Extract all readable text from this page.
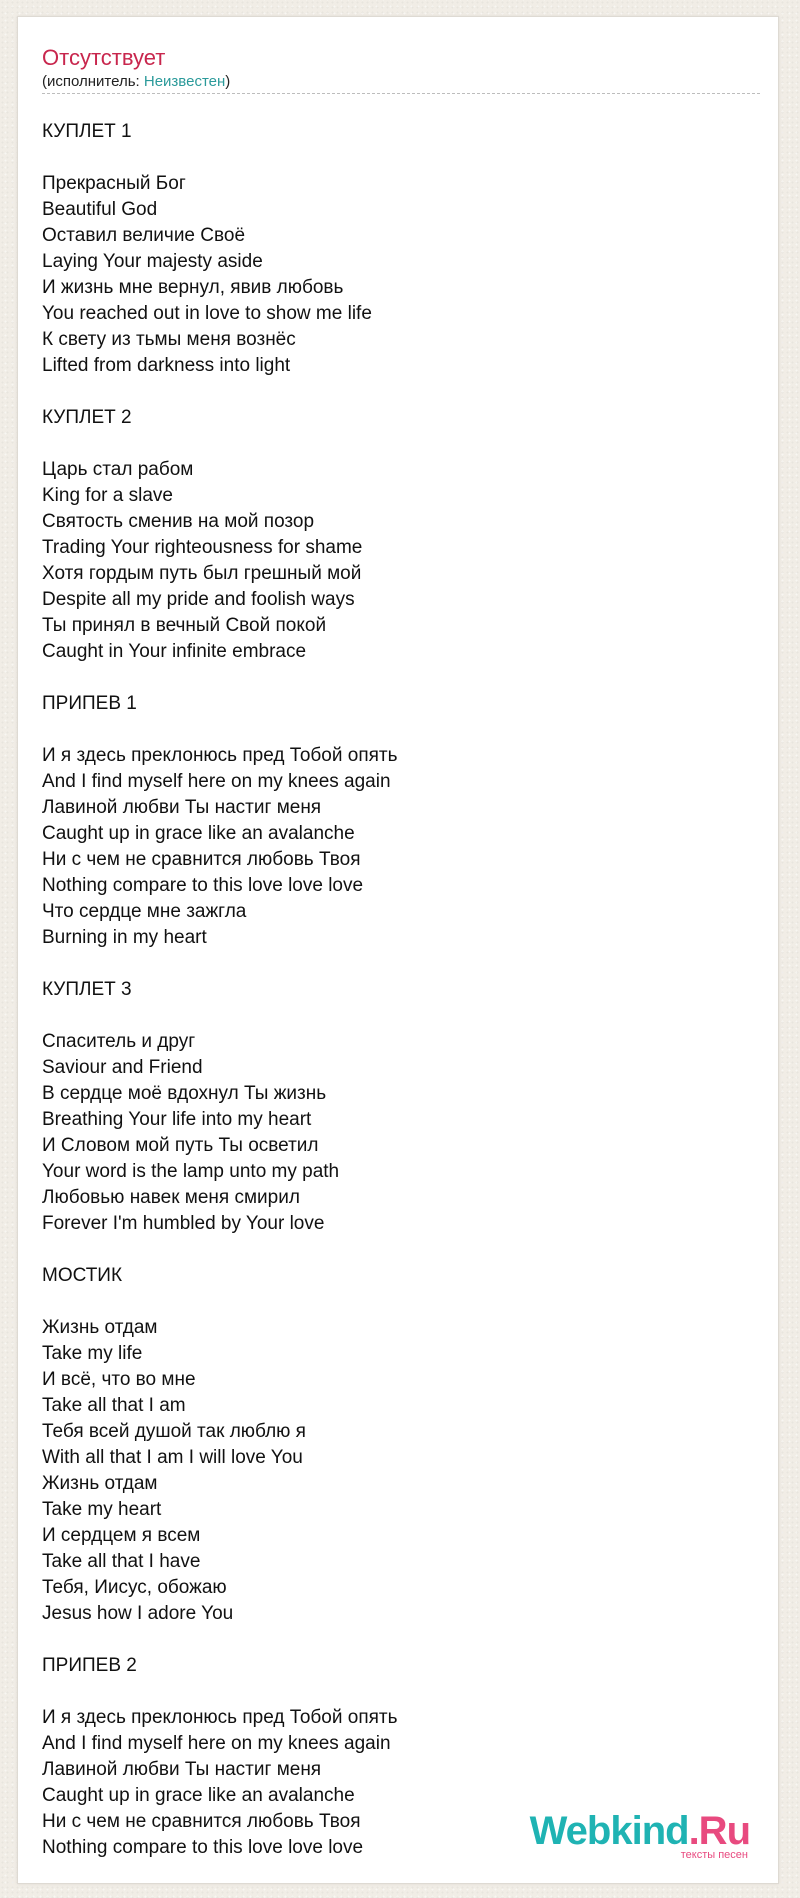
Отсутствует
(исполнитель: Неизвестен)
КУПЛЕТ 1
Прекрасный Бог
Beautiful God
Оставил величие Своё
Laying Your majesty aside
И жизнь мне вернул, явив любовь
You reached out in love to show me life
К свету из тьмы меня вознёс
Lifted from darkness into light
КУПЛЕТ 2
Царь стал рабом
King for a slave
Святость сменив на мой позор
Trading Your righteousness for shame
Хотя гордым путь был грешный мой
Despite all my pride and foolish ways
Ты принял в вечный Свой покой
Caught in Your infinite embrace
ПРИПЕВ 1
И я здесь преклонюсь пред Тобой опять
And I find myself here on my knees again
Лавиной любви Ты настиг меня
Caught up in grace like an avalanche
Ни с чем не сравнится любовь Твоя
Nothing compare to this love love love
Что сердце мне зажгла
Burning in my heart
КУПЛЕТ 3
Спаситель и друг
Saviour and Friend
В сердце моё вдохнул Ты жизнь
Breathing Your life into my heart
И Словом мой путь Ты осветил
Your word is the lamp unto my path
Любовью навек меня смирил
Forever I'm humbled by Your love
МОСТИК
Жизнь отдам
Take my life
И всё, что во мне
Take all that I am
Тебя всей душой так люблю я
With all that I am I will love You
Жизнь отдам
Take my heart
И сердцем я всем
Take all that I have
Тебя, Иисус, обожаю
Jesus how I adore You
ПРИПЕВ 2
И я здесь преклонюсь пред Тобой опять
And I find myself here on my knees again
Лавиной любви Ты настиг меня
Caught up in grace like an avalanche
Ни с чем не сравнится любовь Твоя
Nothing compare to this love love love	Webkind.Ru
тексты песен
